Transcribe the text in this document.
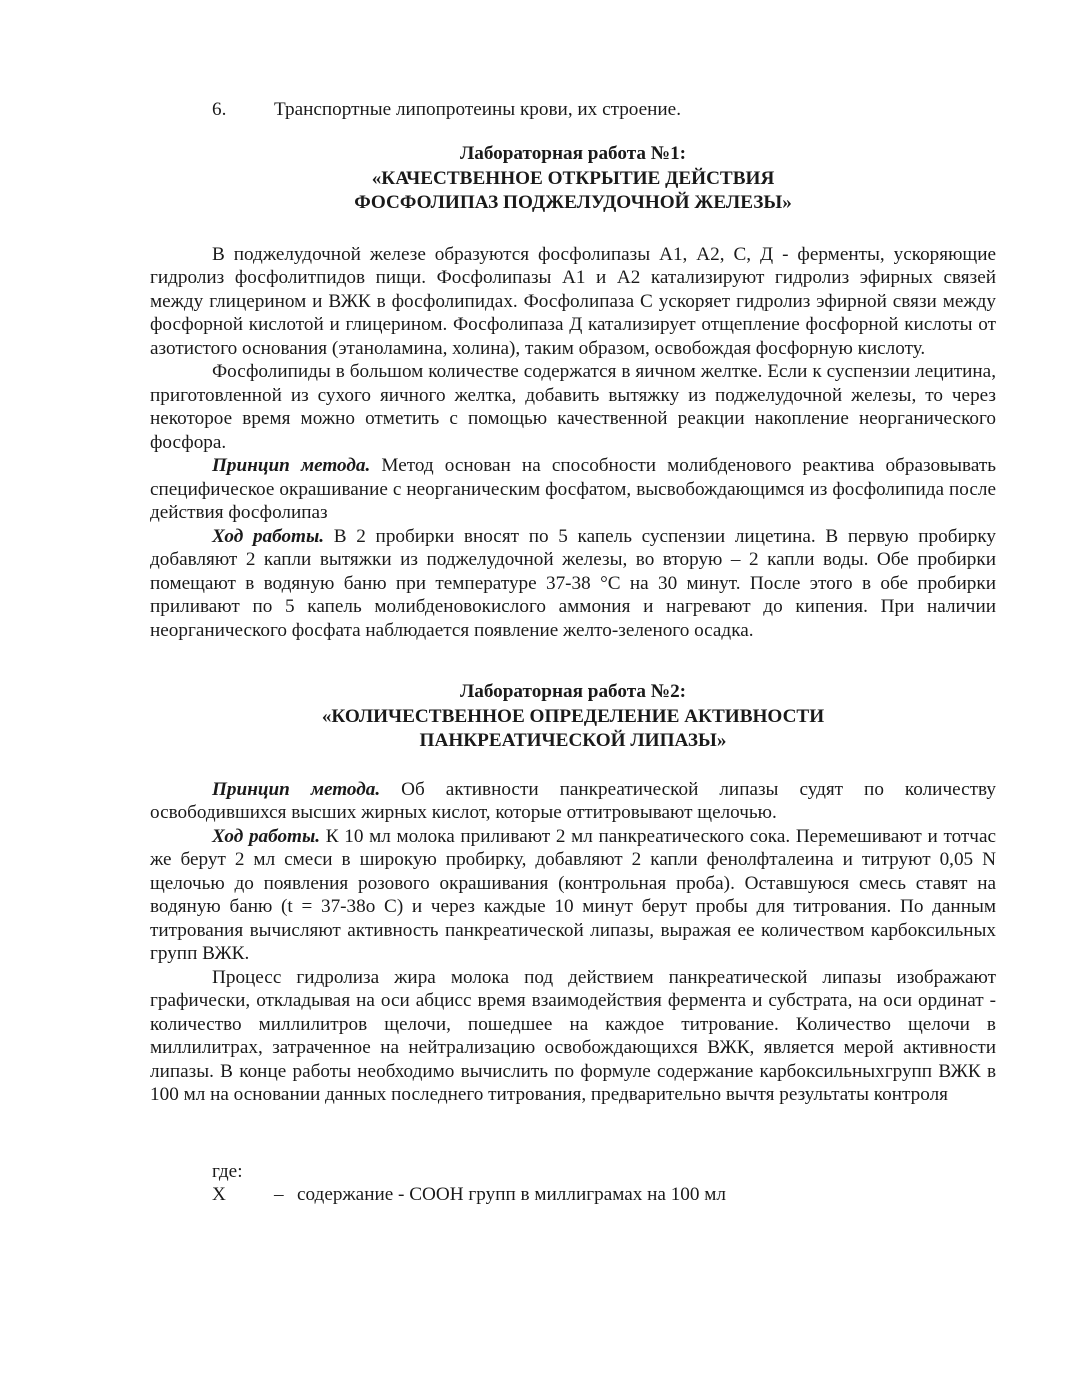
6. Транспортные липопротеины крови, их строение.
Лабораторная работа №1:
«КАЧЕСТВЕННОЕ ОТКРЫТИЕ ДЕЙСТВИЯ
ФОСФОЛИПАЗ ПОДЖЕЛУДОЧНОЙ ЖЕЛЕЗЫ»

В поджелудочной железе образуются фосфолипазы А1, А2, С, Д - ферменты, ускоряющие гидролиз фосфолитпидов пищи. Фосфолипазы А1 и А2 катализируют гидролиз эфирных связей между глицерином и ВЖК в фосфолипидах. Фосфолипаза С ускоряет гидролиз эфирной связи между фосфорной кислотой и глицерином. Фосфолипаза Д катализирует отщепление фосфорной кислоты от азотистого основания (этаноламина, холина), таким образом, освобождая фосфорную кислоту.

Фосфолипиды в большом количестве содержатся в яичном желтке. Если к суспензии лецитина, приготовленной из сухого яичного желтка, добавить вытяжку из поджелудочной железы, то через некоторое время можно отметить с помощью качественной реакции накопление неорганического фосфора.

Принцип метода. Метод основан на способности молибденового реактива образовывать специфическое окрашивание с неорганическим фосфатом, высвобождающимся из фосфолипида после действия фосфолипаз

Ход работы. В 2 пробирки вносят по 5 капель суспензии лицетина. В первую пробирку добавляют 2 капли вытяжки из поджелудочной железы, во вторую – 2 капли воды. Обе пробирки помещают в водяную баню при температуре 37-38 °С на 30 минут. После этого в обе пробирки приливают по 5 капель молибденовокислого аммония и нагревают до кипения. При наличии неорганического фосфата наблюдается появление желто-зеленого осадка.

Лабораторная работа №2:
«КОЛИЧЕСТВЕННОЕ ОПРЕДЕЛЕНИЕ АКТИВНОСТИ
ПАНКРЕАТИЧЕСКОЙ ЛИПАЗЫ»

Принцип метода. Об активности панкреатической липазы судят по количеству освободившихся высших жирных кислот, которые оттитровывают щелочью.

Ход работы. К 10 мл молока приливают 2 мл панкреатического сока. Перемешивают и тотчас же берут 2 мл смеси в широкую пробирку, добавляют 2 капли фенолфталеина и титруют 0,05 N щелочью до появления розового окрашивания (контрольная проба). Оставшуюся смесь ставят на водяную баню (t = 37-38о С) и через каждые 10 минут берут пробы для титрования. По данным титрования вычисляют активность панкреатической липазы, выражая ее количеством карбоксильных групп ВЖК.

Процесс гидролиза жира молока под действием панкреатической липазы изображают графически, откладывая на оси абцисс время взаимодействия фермента и субстрата, на оси ординат - количество миллилитров щелочи, пошедшее на каждое титрование. Количество щелочи в миллилитрах, затраченное на нейтрализацию освобождающихся ВЖК, является мерой активности липазы. В конце работы необходимо вычислить по формуле содержание карбоксильныхгрупп ВЖК в 100 мл на основании данных последнего титрования, предварительно вычтя результаты контроля

где:
Х	– содержание - СООН групп в миллиграмах на 100 мл
